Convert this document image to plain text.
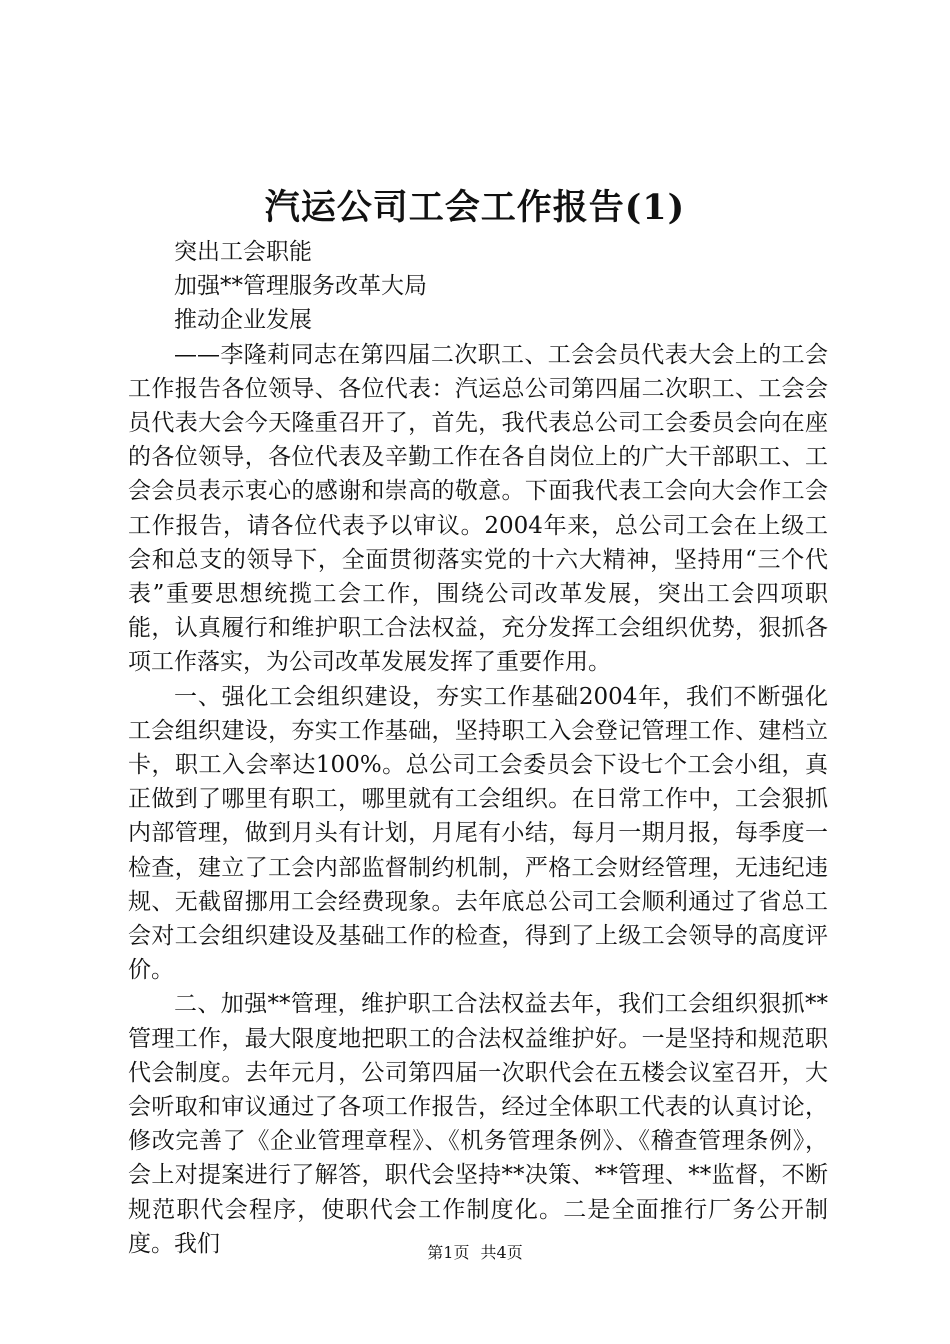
汽运公司工会工作报告(1)

突出工会职能

加强**管理服务改革大局

推动企业发展

——李隆莉同志在第四届二次职工、工会会员代表大会上的工会工作报告各位领导、各位代表：汽运总公司第四届二次职工、工会会员代表大会今天隆重召开了，首先，我代表总公司工会委员会向在座的各位领导，各位代表及辛勤工作在各自岗位上的广大干部职工、工会会员表示衷心的感谢和崇高的敬意。下面我代表工会向大会作工会工作报告，请各位代表予以审议。2004年来，总公司工会在上级工会和总支的领导下，全面贯彻落实党的十六大精神，坚持用“三个代表”重要思想统揽工会工作，围绕公司改革发展，突出工会四项职能，认真履行和维护职工合法权益，充分发挥工会组织优势，狠抓各项工作落实，为公司改革发展发挥了重要作用。

一、强化工会组织建设，夯实工作基础2004年，我们不断强化工会组织建设，夯实工作基础，坚持职工入会登记管理工作、建档立卡，职工入会率达100%。总公司工会委员会下设七个工会小组，真正做到了哪里有职工，哪里就有工会组织。在日常工作中，工会狠抓内部管理，做到月头有计划，月尾有小结，每月一期月报，每季度一检查，建立了工会内部监督制约机制，严格工会财经管理，无违纪违规、无截留挪用工会经费现象。去年底总公司工会顺利通过了省总工会对工会组织建设及基础工作的检查，得到了上级工会领导的高度评价。

二、加强**管理，维护职工合法权益去年，我们工会组织狠抓**管理工作，最大限度地把职工的合法权益维护好。一是坚持和规范职代会制度。去年元月，公司第四届一次职代会在五楼会议室召开，大会听取和审议通过了各项工作报告，经过全体职工代表的认真讨论，修改完善了《企业管理章程》、《机务管理条例》、《稽查管理条例》，会上对提案进行了解答，职代会坚持**决策、**管理、**监督，不断规范职代会程序，使职代会工作制度化。二是全面推行厂务公开制度。我们	第1页 共4页
